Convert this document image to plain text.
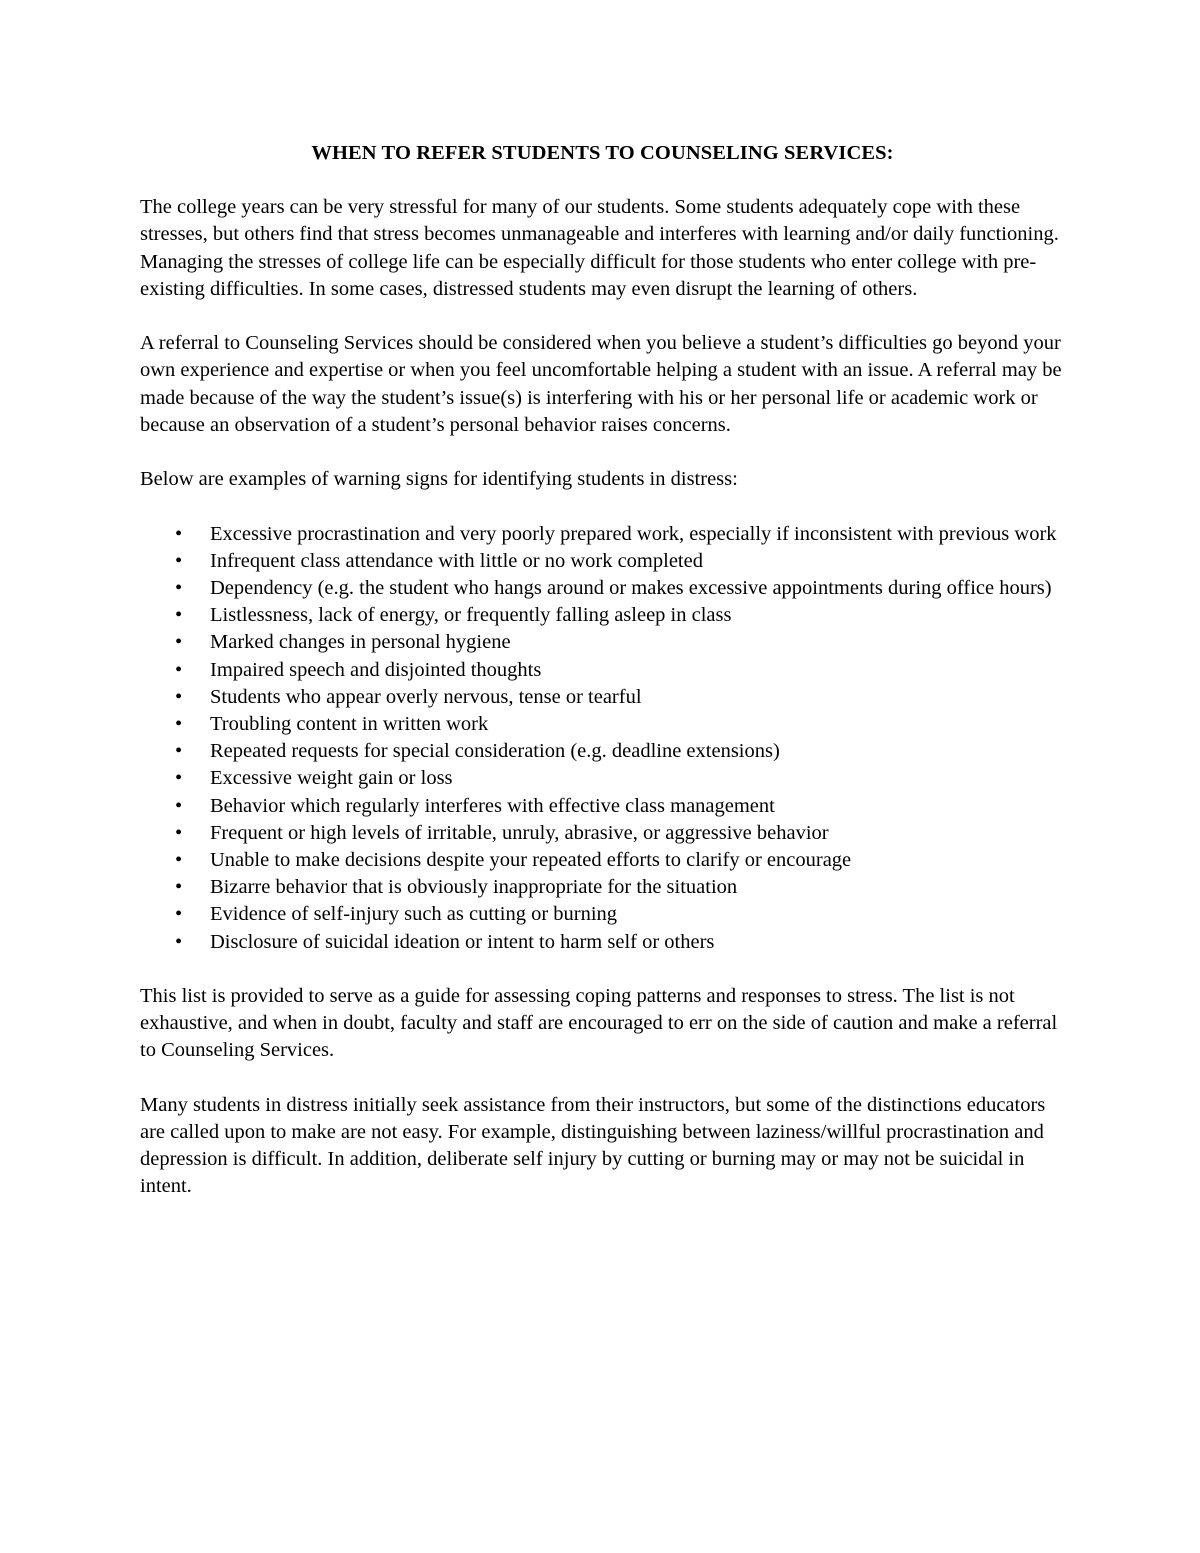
WHEN TO REFER STUDENTS TO COUNSELING SERVICES:

The college years can be very stressful for many of our students. Some students adequately cope with these stresses, but others find that stress becomes unmanageable and interferes with learning and/or daily functioning. Managing the stresses of college life can be especially difficult for those students who enter college with pre-existing difficulties. In some cases, distressed students may even disrupt the learning of others.

A referral to Counseling Services should be considered when you believe a student’s difficulties go beyond your own experience and expertise or when you feel uncomfortable helping a student with an issue. A referral may be made because of the way the student’s issue(s) is interfering with his or her personal life or academic work or because an observation of a student’s personal behavior raises concerns.

Below are examples of warning signs for identifying students in distress:

• Excessive procrastination and very poorly prepared work, especially if inconsistent with previous work
• Infrequent class attendance with little or no work completed
• Dependency (e.g. the student who hangs around or makes excessive appointments during office hours)
• Listlessness, lack of energy, or frequently falling asleep in class
• Marked changes in personal hygiene
• Impaired speech and disjointed thoughts
• Students who appear overly nervous, tense or tearful
• Troubling content in written work
• Repeated requests for special consideration (e.g. deadline extensions)
• Excessive weight gain or loss
• Behavior which regularly interferes with effective class management
• Frequent or high levels of irritable, unruly, abrasive, or aggressive behavior
• Unable to make decisions despite your repeated efforts to clarify or encourage
• Bizarre behavior that is obviously inappropriate for the situation
• Evidence of self-injury such as cutting or burning
• Disclosure of suicidal ideation or intent to harm self or others

This list is provided to serve as a guide for assessing coping patterns and responses to stress. The list is not exhaustive, and when in doubt, faculty and staff are encouraged to err on the side of caution and make a referral to Counseling Services.

Many students in distress initially seek assistance from their instructors, but some of the distinctions educators are called upon to make are not easy. For example, distinguishing between laziness/willful procrastination and depression is difficult. In addition, deliberate self injury by cutting or burning may or may not be suicidal in intent.
